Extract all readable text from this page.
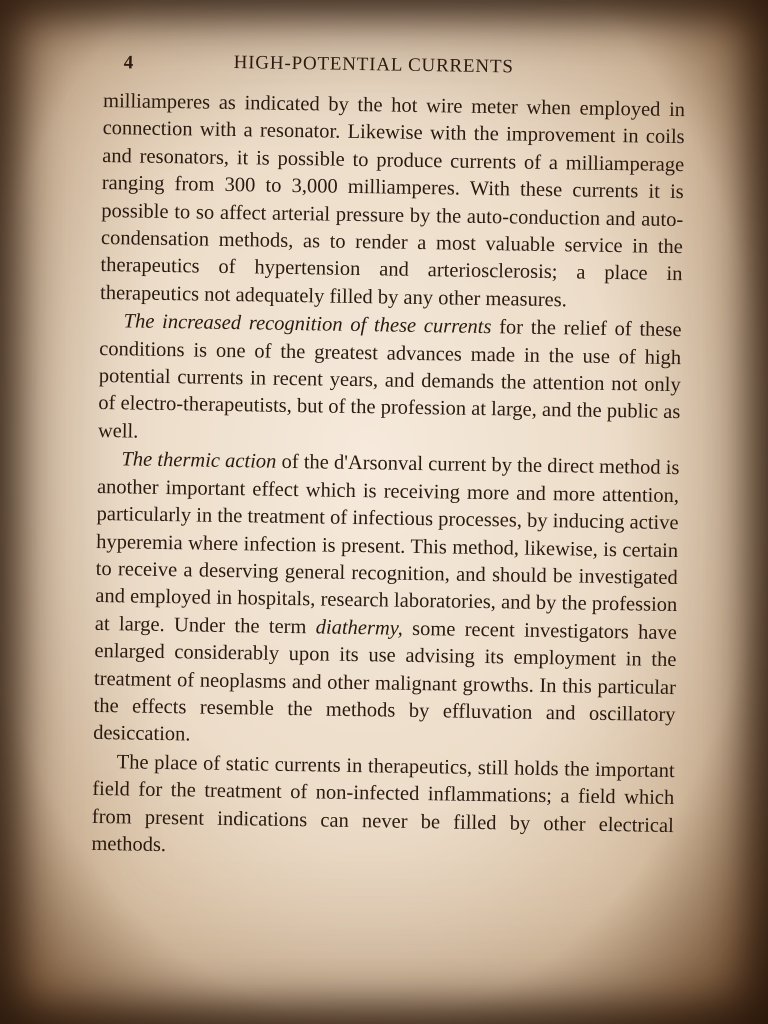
4	HIGH-POTENTIAL CURRENTS

milliamperes as indicated by the hot wire meter when employed in connection with a resonator. Likewise with the improvement in coils and resonators, it is possible to produce currents of a milliamperage ranging from 300 to 3,000 milliamperes. With these currents it is possible to so affect arterial pressure by the auto-conduction and auto-condensation methods, as to render a most valuable service in the therapeutics of hypertension and arteriosclerosis; a place in therapeutics not adequately filled by any other measures.

The increased recognition of these currents for the relief of these conditions is one of the greatest advances made in the use of high potential currents in recent years, and demands the attention not only of electro-therapeutists, but of the profession at large, and the public as well.

The thermic action of the d'Arsonval current by the direct method is another important effect which is receiving more and more attention, particularly in the treatment of infectious processes, by inducing active hyperemia where infection is present. This method, likewise, is certain to receive a deserving general recognition, and should be investigated and employed in hospitals, research laboratories, and by the profession at large. Under the term diathermy, some recent investigators have enlarged considerably upon its use advising its employment in the treatment of neoplasms and other malignant growths. In this particular the effects resemble the methods by effluvation and oscillatory desiccation.

The place of static currents in therapeutics, still holds the important field for the treatment of non-infected inflammations; a field which from present indications can never be filled by other electrical methods.
